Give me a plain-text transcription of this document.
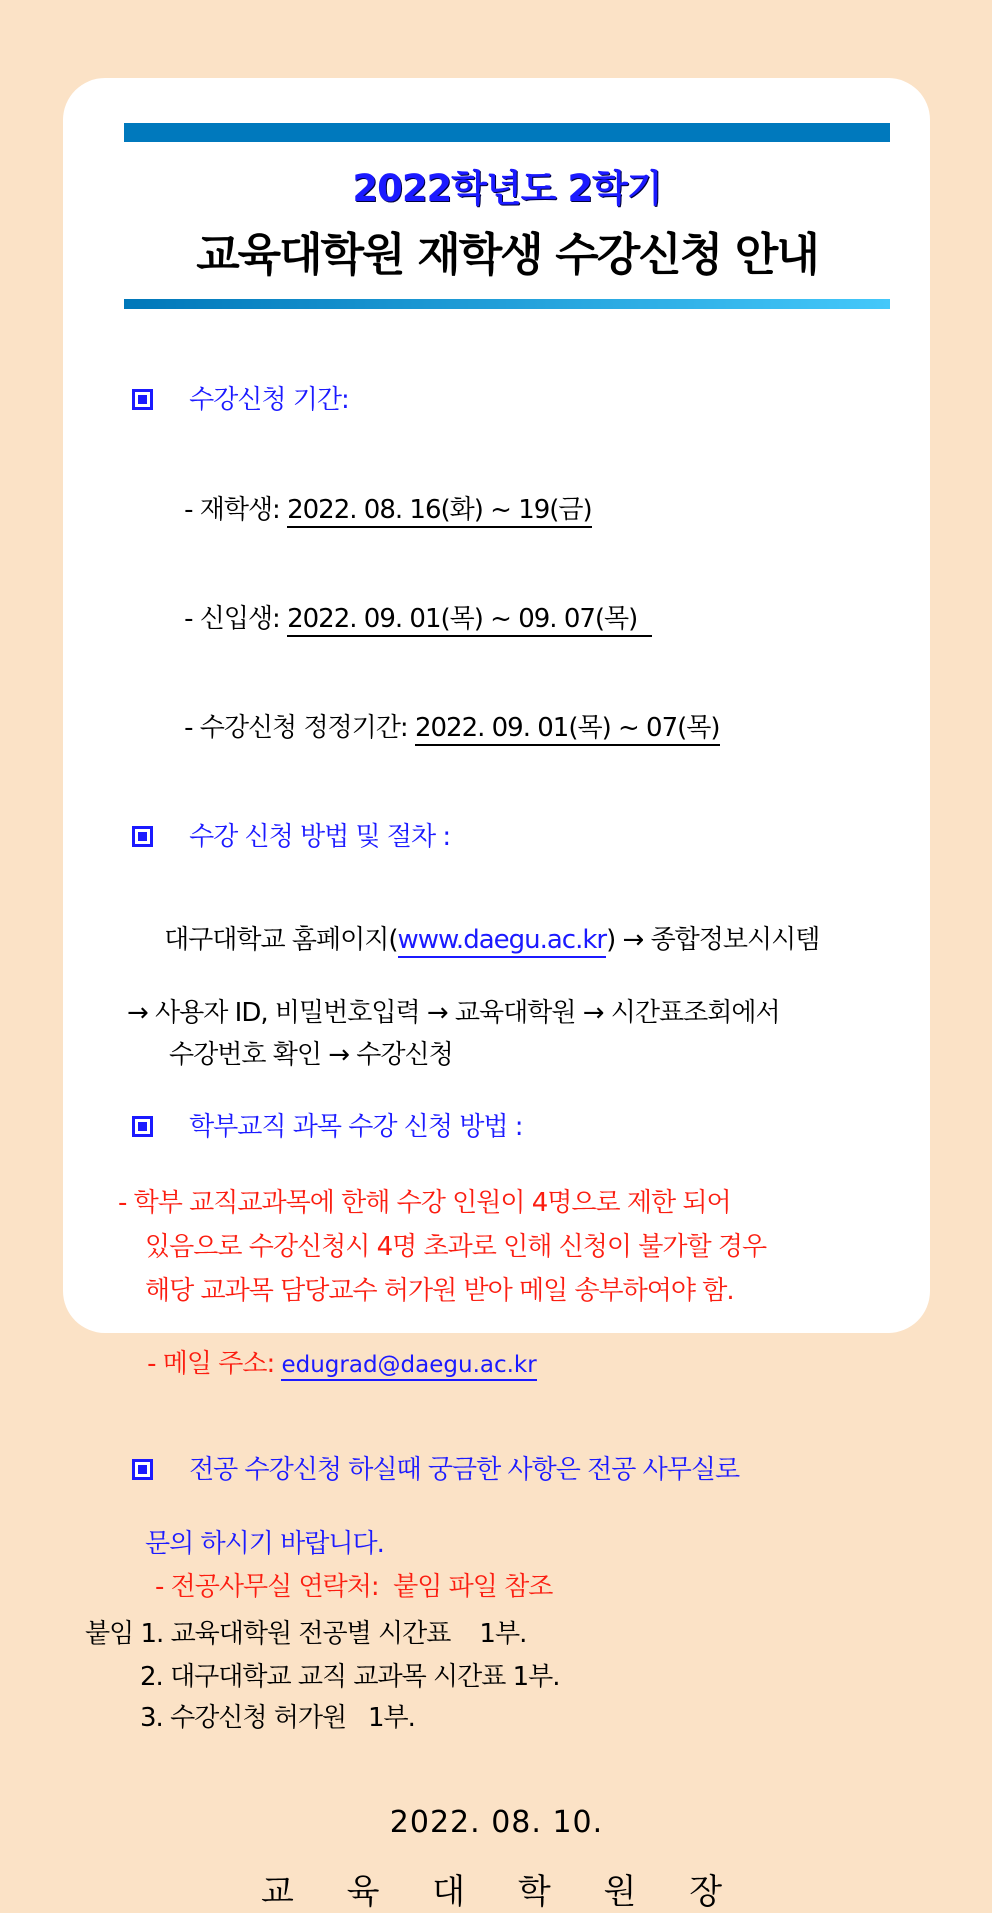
2022학년도 2학기
교육대학원 재학생 수강신청 안내

수강신청 기간:

- 재학생: 2022. 08. 16(화) ~ 19(금)

- 신입생: 2022. 09. 01(목) ~ 09. 07(목)

- 수강신청 정정기간: 2022. 09. 01(목) ~ 07(목)

수강 신청 방법 및 절차 :

대구대학교 홈페이지(www.daegu.ac.kr) → 종합정보시시템

→ 사용자 ID, 비밀번호입력 → 교육대학원 → 시간표조회에서
수강번호 확인 → 수강신청

학부교직 과목 수강 신청 방법 :

- 학부 교직교과목에 한해 수강 인원이 4명으로 제한 되어
있음으로 수강신청시 4명 초과로 인해 신청이 불가할 경우
해당 교과목 담당교수 허가원 받아 메일 송부하여야 함.

- 메일 주소: edugrad@daegu.ac.kr

전공 수강신청 하실때 궁금한 사항은 전공 사무실로

문의 하시기 바랍니다.
- 전공사무실 연락처:  붙임 파일 참조
붙임 1. 교육대학원 전공별 시간표    1부.
2. 대구대학교 교직 교과목 시간표 1부.
3. 수강신청 허가원   1부.
2022. 08. 10.
교 육 대 학 원 장
